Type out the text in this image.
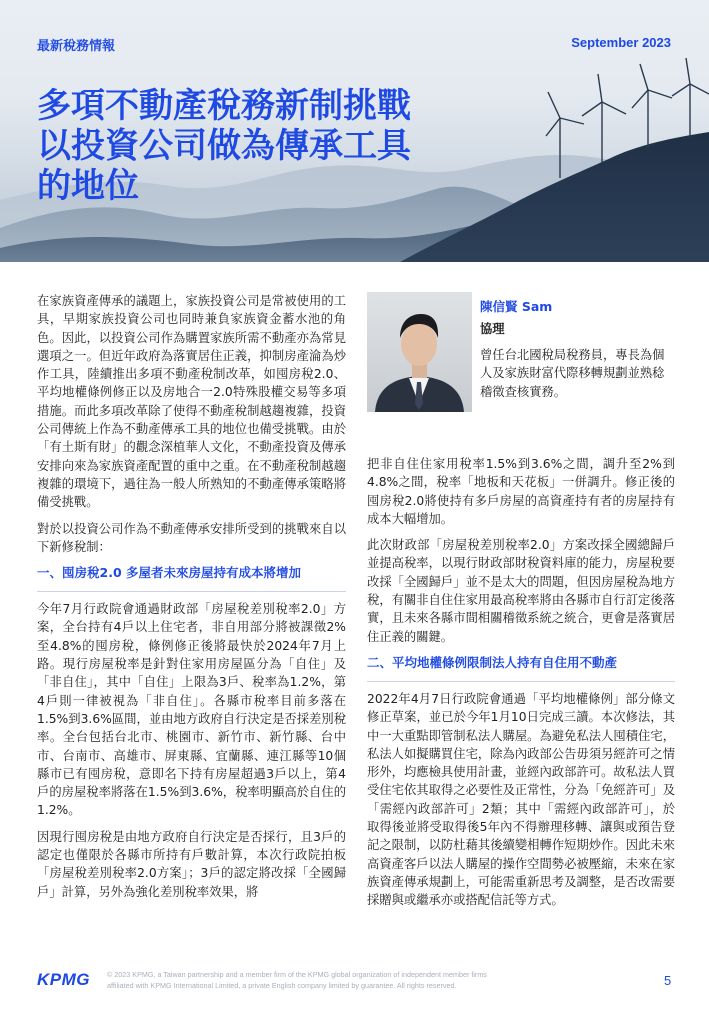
最新稅務情報	September 2023
多項不動產稅務新制挑戰
以投資公司做為傳承工具
的地位

在家族資產傳承的議題上，家族投資公司是常被使用的工具，早期家族投資公司也同時兼負家族資金蓄水池的角色。因此，以投資公司作為購置家族所需不動產亦為常見選項之一。但近年政府為落實居住正義，抑制房產淪為炒作工具，陸續推出多項不動產稅制改革，如囤房稅2.0、平均地權條例修正以及房地合一2.0特殊股權交易等多項措施。而此多項改革除了使得不動產稅制越趨複雜，投資公司傳統上作為不動產傳承工具的地位也備受挑戰。由於「有土斯有財」的觀念深植華人文化，不動產投資及傳承安排向來為家族資產配置的重中之重。在不動產稅制越趨複雜的環境下，過往為一般人所熟知的不動產傳承策略將備受挑戰。

對於以投資公司作為不動產傳承安排所受到的挑戰來自以下新修稅制：

一、囤房稅2.0 多屋者未來房屋持有成本將增加

今年7月行政院會通過財政部「房屋稅差別稅率2.0」方案，全台持有4戶以上住宅者，非自用部分將被課徵2%至4.8%的囤房稅，條例修正後將最快於2024年7月上路。現行房屋稅率是針對住家用房屋區分為「自住」及「非自住」，其中「自住」上限為3戶、稅率為1.2%，第4戶則一律被視為「非自住」。各縣市稅率目前多落在1.5%到3.6%區間，並由地方政府自行決定是否採差別稅率。全台包括台北市、桃園市、新竹市、新竹縣、台中市、台南市、高雄市、屏東縣、宜蘭縣、連江縣等10個縣市已有囤房稅，意即名下持有房屋超過3戶以上，第4戶的房屋稅率將落在1.5%到3.6%，稅率明顯高於自住的1.2%。

因現行囤房稅是由地方政府自行決定是否採行，且3戶的認定也僅限於各縣市所持有戶數計算，本次行政院拍板「房屋稅差別稅率2.0方案」；3戶的認定將改採「全國歸戶」計算，另外為強化差別稅率效果，將

陳信賢 Sam
協理
曾任台北國稅局稅務員，專長為個人及家族財富代際移轉規劃並熟稔稽徵查核實務。

把非自住住家用稅率1.5%到3.6%之間，調升至2%到4.8%之間，稅率「地板和天花板」一併調升。修正後的囤房稅2.0將使持有多戶房屋的高資產持有者的房屋持有成本大幅增加。

此次財政部「房屋稅差別稅率2.0」方案改採全國總歸戶並提高稅率，以現行財政部財稅資料庫的能力，房屋稅要改採「全國歸戶」並不是太大的問題，但因房屋稅為地方稅，有關非自住住家用最高稅率將由各縣市自行訂定後落實，且未來各縣市間相關稽徵系統之統合，更會是落實居住正義的關鍵。

二、平均地權條例限制法人持有自住用不動產

2022年4月7日行政院會通過「平均地權條例」部分條文修正草案，並已於今年1月10日完成三讀。本次修法，其中一大重點即管制私法人購屋。為避免私法人囤積住宅，私法人如擬購買住宅，除為內政部公告毋須另經許可之情形外，均應檢具使用計畫，並經內政部許可。故私法人買受住宅依其取得之必要性及正常性，分為「免經許可」及「需經內政部許可」2類；其中「需經內政部許可」，於取得後並將受取得後5年內不得辦理移轉、讓與或預告登記之限制，以防杜藉其後續變相轉作短期炒作。因此未來高資產客戶以法人購屋的操作空間勢必被壓縮，未來在家族資產傳承規劃上，可能需重新思考及調整，是否改需要採贈與或繼承亦或搭配信託等方式。

KPMG © 2023 KPMG, a Taiwan partnership and a member firm of the KPMG global organization of independent member firms
affiliated with KPMG International Limited, a private English company limited by guarantee. All rights reserved.	5
